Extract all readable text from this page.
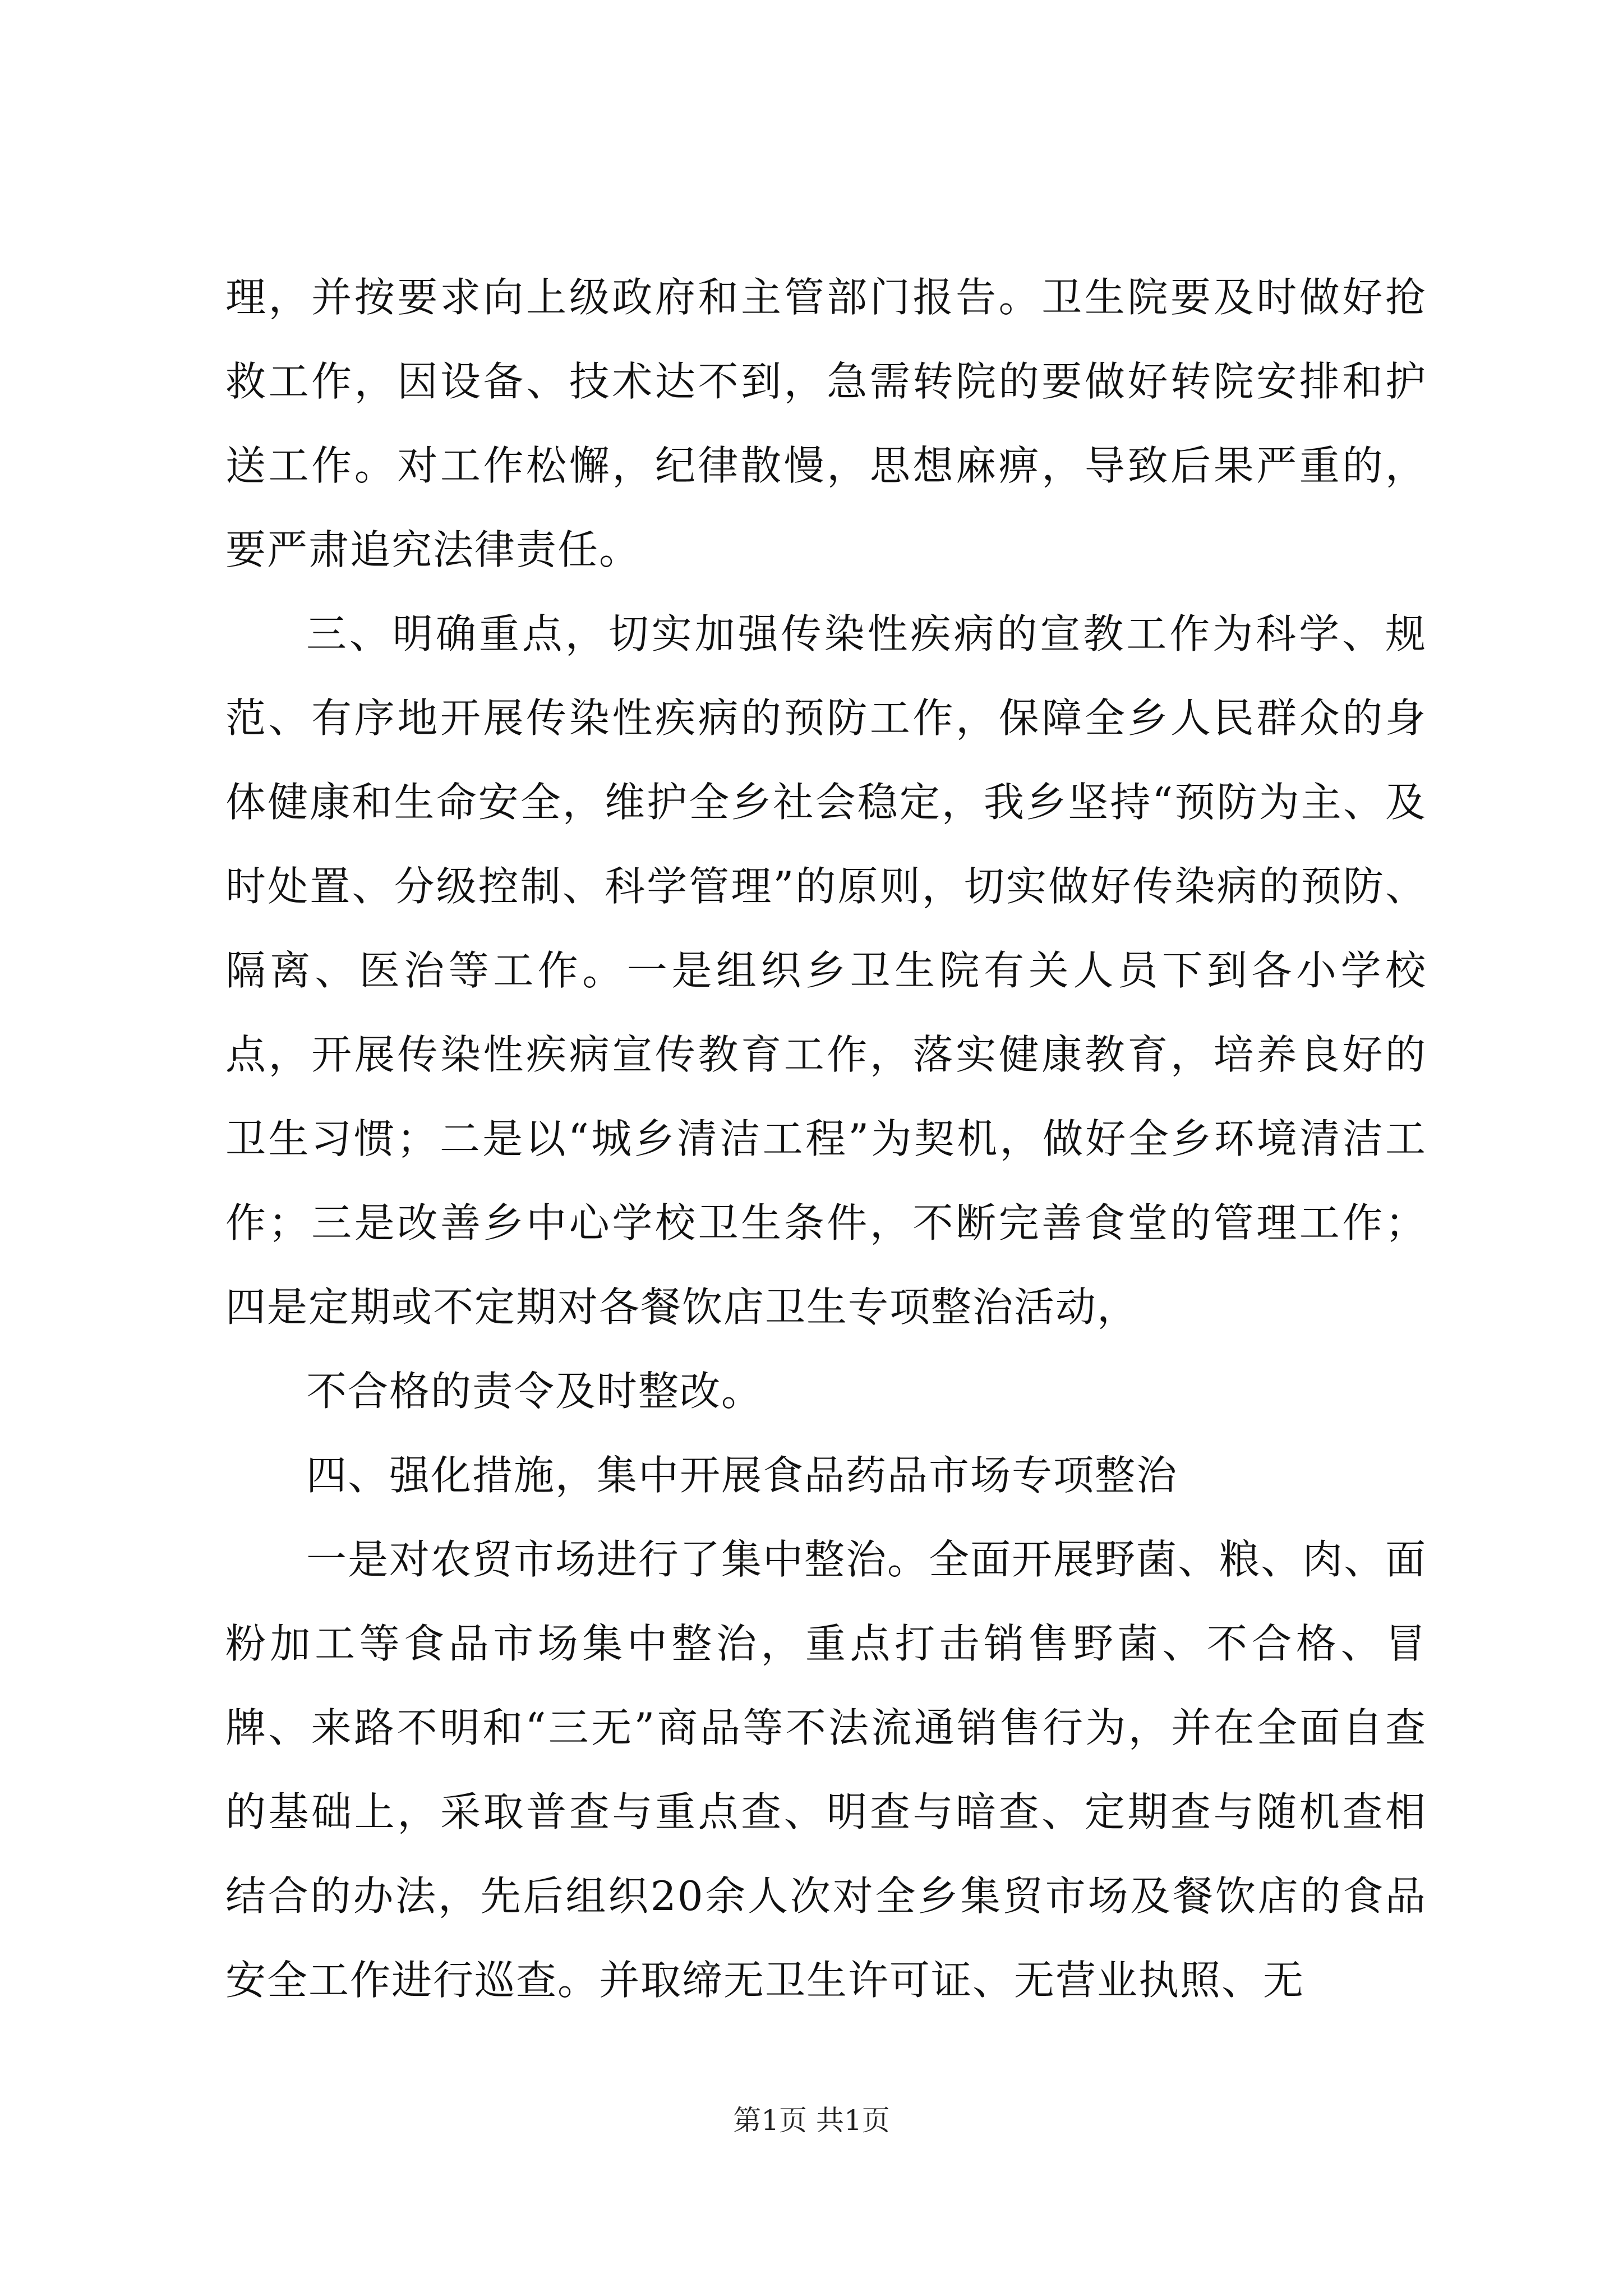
理，并按要求向上级政府和主管部门报告。卫生院要及时做好抢救工作，因设备、技术达不到，急需转院的要做好转院安排和护送工作。对工作松懈，纪律散慢，思想麻痹，导致后果严重的，要严肃追究法律责任。

三、明确重点，切实加强传染性疾病的宣教工作为科学、规范、有序地开展传染性疾病的预防工作，保障全乡人民群众的身体健康和生命安全，维护全乡社会稳定，我乡坚持“预防为主、及时处置、分级控制、科学管理”的原则，切实做好传染病的预防、隔离、医治等工作。一是组织乡卫生院有关人员下到各小学校点，开展传染性疾病宣传教育工作，落实健康教育，培养良好的卫生习惯；二是以“城乡清洁工程”为契机，做好全乡环境清洁工作；三是改善乡中心学校卫生条件，不断完善食堂的管理工作；四是定期或不定期对各餐饮店卫生专项整治活动，

不合格的责令及时整改。

四、强化措施，集中开展食品药品市场专项整治

一是对农贸市场进行了集中整治。全面开展野菌、粮、肉、面粉加工等食品市场集中整治，重点打击销售野菌、不合格、冒牌、来路不明和“三无”商品等不法流通销售行为，并在全面自查的基础上，采取普查与重点查、明查与暗查、定期查与随机查相结合的办法，先后组织20余人次对全乡集贸市场及餐饮店的食品安全工作进行巡查。并取缔无卫生许可证、无营业执照、无

第1页 共1页
